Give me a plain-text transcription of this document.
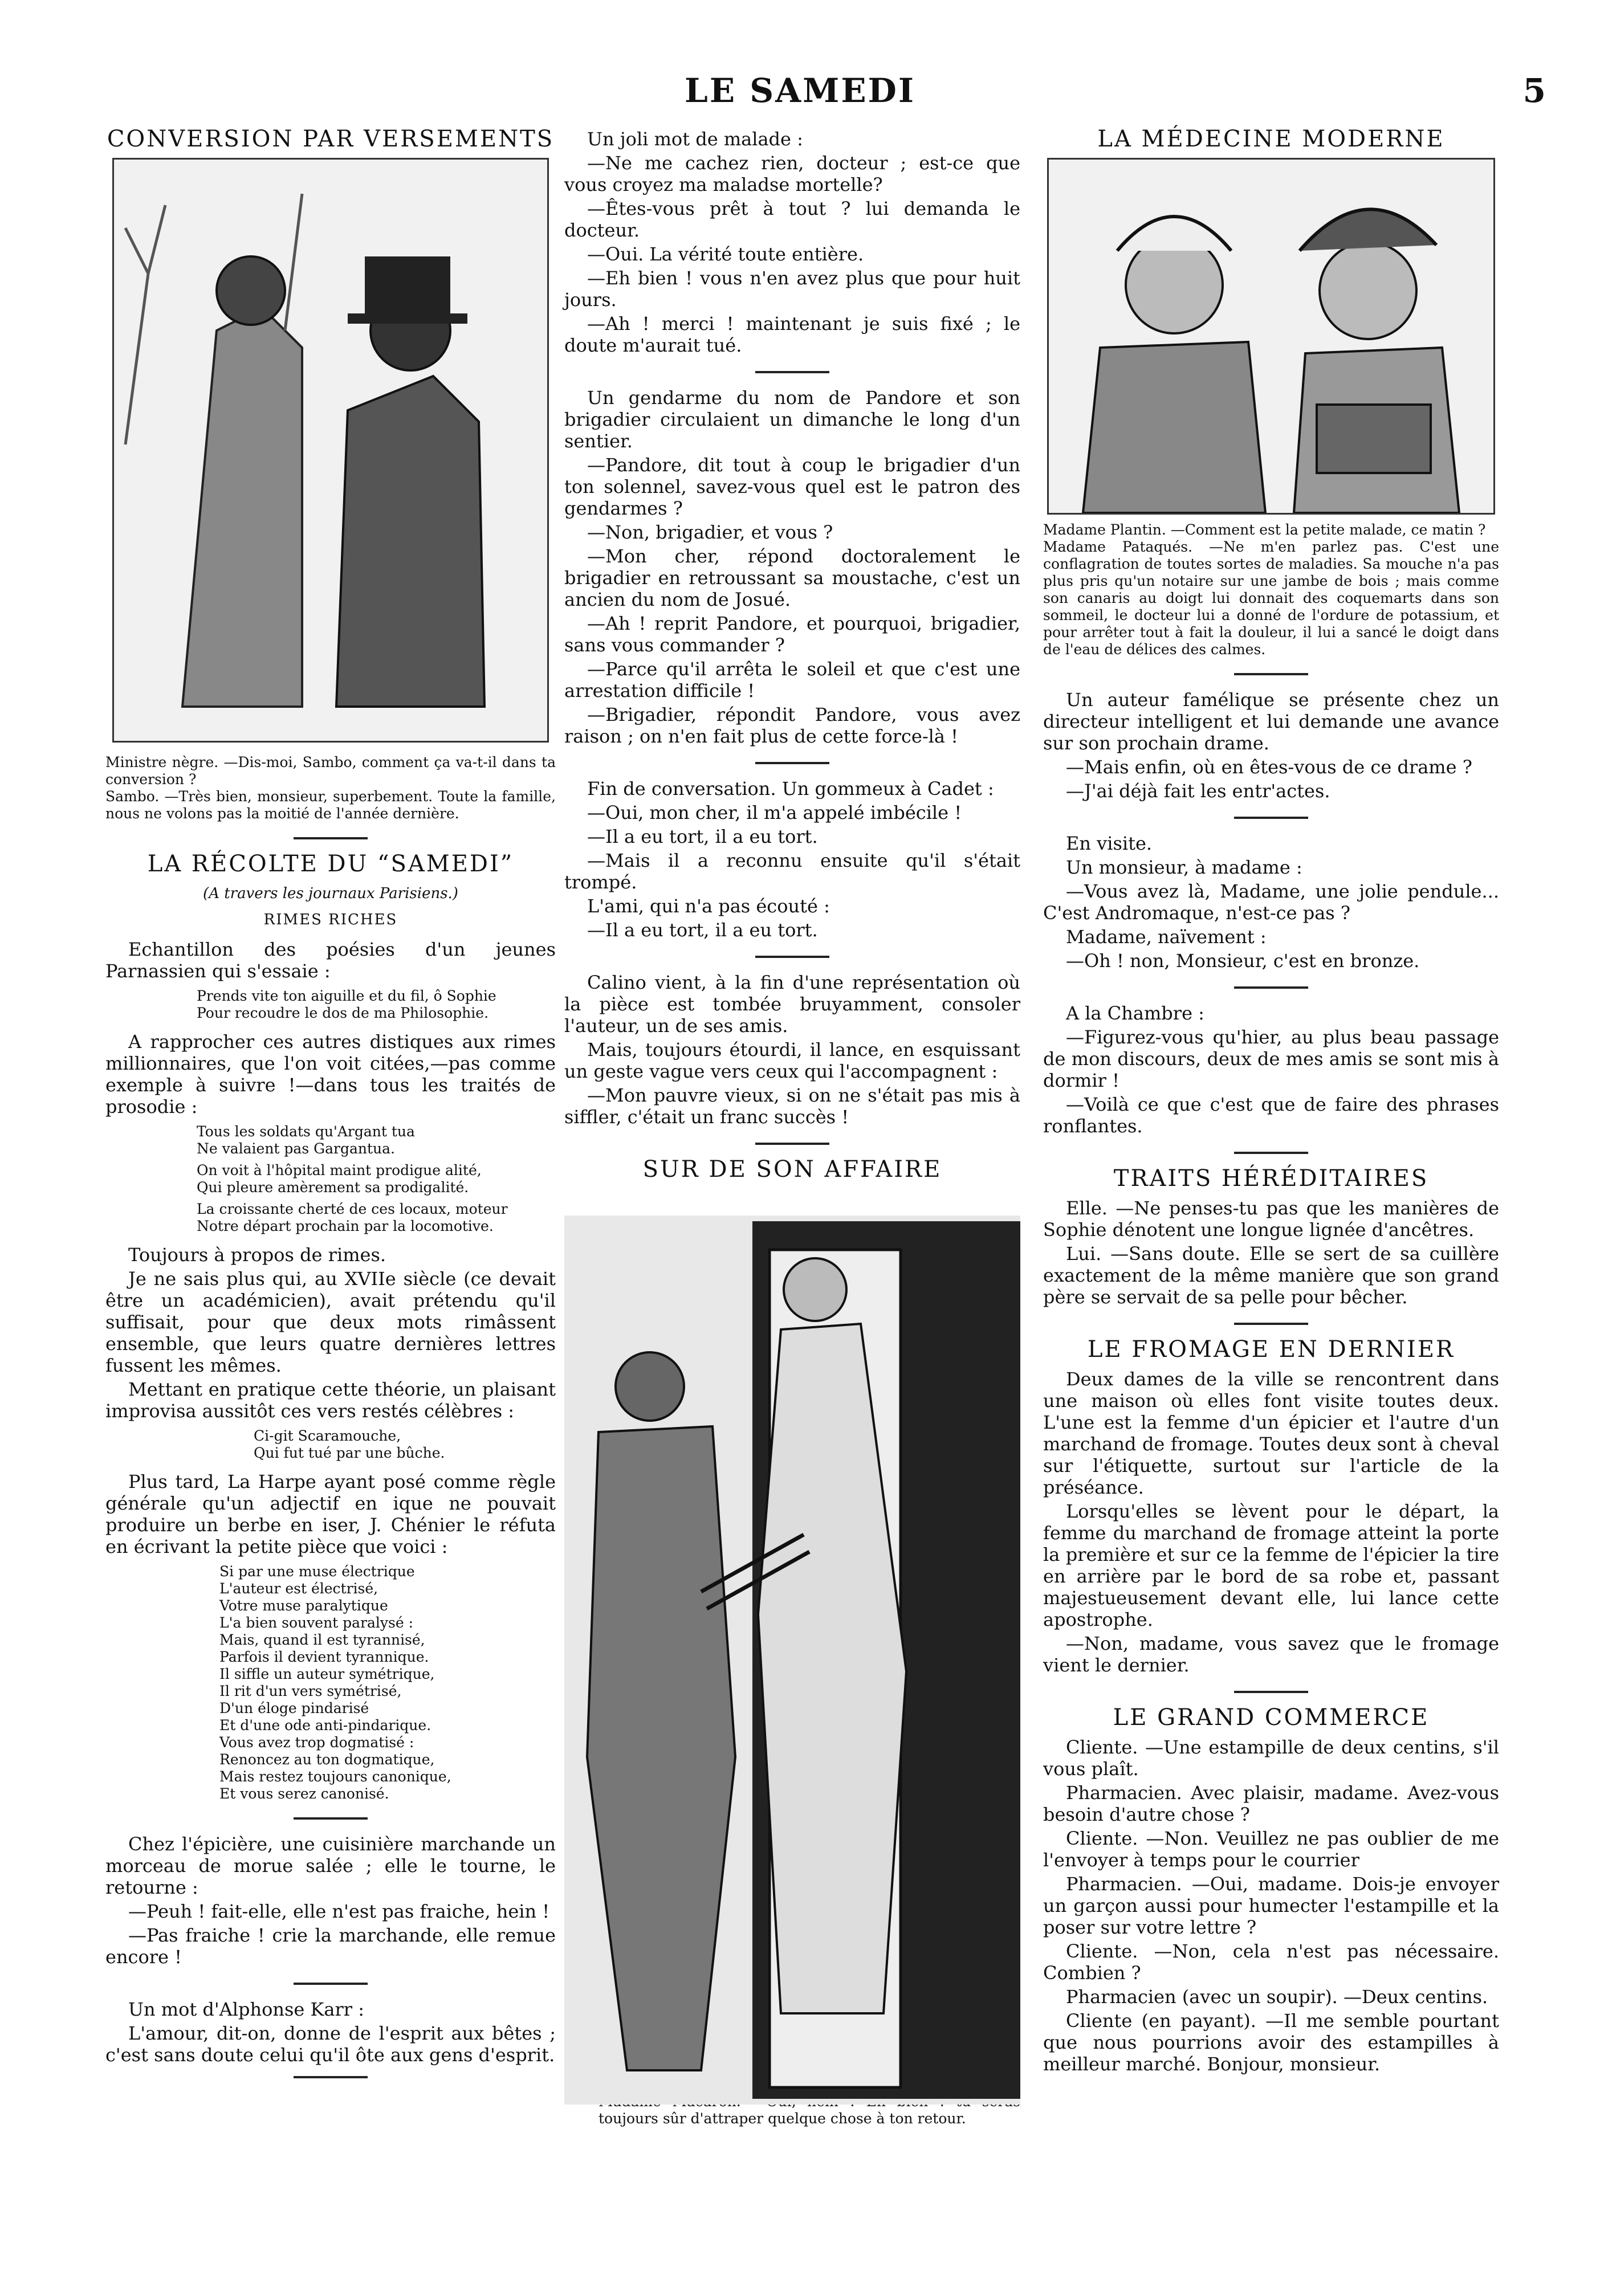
LE SAMEDI	5
CONVERSION PAR VERSEMENTS
Ministre nègre. —Dis-moi, Sambo, comment ça va-t-il dans ta conversion ?
Sambo. —Très bien, monsieur, superbement. Toute la famille, nous ne volons pas la moitié de l'année dernière.
LA RÉCOLTE DU “SAMEDI”
(A travers les journaux Parisiens.)
RIMES RICHES

Echantillon des poésies d'un jeunes Parnassien qui s'essaie :

Prends vite ton aiguille et du fil, ô Sophie
Pour recoudre le dos de ma Philosophie.

A rapprocher ces autres distiques aux rimes millionnaires, que l'on voit citées,—pas comme exemple à suivre !—dans tous les traités de prosodie :

Tous les soldats qu'Argant tua
Ne valaient pas Gargantua.
On voit à l'hôpital maint prodigue alité,
Qui pleure amèrement sa prodigalité.
La croissante cherté de ces locaux, moteur
Notre départ prochain par la locomotive.

Toujours à propos de rimes.

Je ne sais plus qui, au XVIIe siècle (ce devait être un académicien), avait prétendu qu'il suffisait, pour que deux mots rimâssent ensemble, que leurs quatre dernières lettres fussent les mêmes.

Mettant en pratique cette théorie, un plaisant improvisa aussitôt ces vers restés célèbres :

Ci-git Scaramouche,
Qui fut tué par une bûche.

Plus tard, La Harpe ayant posé comme règle générale qu'un adjectif en ique ne pouvait produire un berbe en iser, J. Chénier le réfuta en écrivant la petite pièce que voici :

Si par une muse électrique
L'auteur est électrisé,
Votre muse paralytique
L'a bien souvent paralysé :
Mais, quand il est tyrannisé,
Parfois il devient tyrannique.
Il siffle un auteur symétrique,
Il rit d'un vers symétrisé,
D'un éloge pindarisé
Et d'une ode anti-pindarique.
Vous avez trop dogmatisé :
Renoncez au ton dogmatique,
Mais restez toujours canonique,
Et vous serez canonisé.

Chez l'épicière, une cuisinière marchande un morceau de morue salée ; elle le tourne, le retourne :

—Peuh ! fait-elle, elle n'est pas fraiche, hein !

—Pas fraiche ! crie la marchande, elle remue encore !

Un mot d'Alphonse Karr :

L'amour, dit-on, donne de l'esprit aux bêtes ; c'est sans doute celui qu'il ôte aux gens d'esprit.

Un joli mot de malade :

—Ne me cachez rien, docteur ; est-ce que vous croyez ma maladse mortelle?

—Êtes-vous prêt à tout ? lui demanda le docteur.

—Oui. La vérité toute entière.

—Eh bien ! vous n'en avez plus que pour huit jours.

—Ah ! merci ! maintenant je suis fixé ; le doute m'aurait tué.

Un gendarme du nom de Pandore et son brigadier circulaient un dimanche le long d'un sentier.

—Pandore, dit tout à coup le brigadier d'un ton solennel, savez-vous quel est le patron des gendarmes ?

—Non, brigadier, et vous ?

—Mon cher, répond doctoralement le brigadier en retroussant sa moustache, c'est un ancien du nom de Josué.

—Ah ! reprit Pandore, et pourquoi, brigadier, sans vous commander ?

—Parce qu'il arrêta le soleil et que c'est une arrestation difficile !

—Brigadier, répondit Pandore, vous avez raison ; on n'en fait plus de cette force-là !

Fin de conversation. Un gommeux à Cadet :

—Oui, mon cher, il m'a appelé imbécile !

—Il a eu tort, il a eu tort.

—Mais il a reconnu ensuite qu'il s'était trompé.

L'ami, qui n'a pas écouté :

—Il a eu tort, il a eu tort.

Calino vient, à la fin d'une représentation où la pièce est tombée bruyamment, consoler l'auteur, un de ses amis.

Mais, toujours étourdi, il lance, en esquissant un geste vague vers ceux qui l'accompagnent :

—Mon pauvre vieux, si on ne s'était pas mis à siffler, c'était un franc succès !

SUR DE SON AFFAIRE
toujours sûr d'attraper quelque chose à ton retour.
LA MÉDECINE MODERNE
Madame Plantin. —Comment est la petite malade, ce matin ?
Madame Pataqués. —Ne m'en parlez pas. C'est une conflagration de toutes sortes de maladies. Sa mouche n'a pas plus pris qu'un notaire sur une jambe de bois ; mais comme son canaris au doigt lui donnait des coquemarts dans son sommeil, le docteur lui a donné de l'ordure de potassium, et pour arrêter tout à fait la douleur, il lui a sancé le doigt dans de l'eau de délices des calmes.

Un auteur famélique se présente chez un directeur intelligent et lui demande une avance sur son prochain drame.

—Mais enfin, où en êtes-vous de ce drame ?

—J'ai déjà fait les entr'actes.

En visite.

Un monsieur, à madame :

—Vous avez là, Madame, une jolie pendule... C'est Andromaque, n'est-ce pas ?

Madame, naïvement :

—Oh ! non, Monsieur, c'est en bronze.

A la Chambre :

—Figurez-vous qu'hier, au plus beau passage de mon discours, deux de mes amis se sont mis à dormir !

—Voilà ce que c'est que de faire des phrases ronflantes.

TRAITS HÉRÉDITAIRES

Elle. —Ne penses-tu pas que les manières de Sophie dénotent une longue lignée d'ancêtres.

Lui. —Sans doute. Elle se sert de sa cuillère exactement de la même manière que son grand père se servait de sa pelle pour bêcher.

LE FROMAGE EN DERNIER

Deux dames de la ville se rencontrent dans une maison où elles font visite toutes deux. L'une est la femme d'un épicier et l'autre d'un marchand de fromage. Toutes deux sont à cheval sur l'étiquette, surtout sur l'article de la préséance.

Lorsqu'elles se lèvent pour le départ, la femme du marchand de fromage atteint la porte la première et sur ce la femme de l'épicier la tire en arrière par le bord de sa robe et, passant majestueusement devant elle, lui lance cette apostrophe.

—Non, madame, vous savez que le fromage vient le dernier.

LE GRAND COMMERCE

Cliente. —Une estampille de deux centins, s'il vous plaît.

Pharmacien. Avec plaisir, madame. Avez-vous besoin d'autre chose ?

Cliente. —Non. Veuillez ne pas oublier de me l'envoyer à temps pour le courrier

Pharmacien. —Oui, madame. Dois-je envoyer un garçon aussi pour humecter l'estampille et la poser sur votre lettre ?

Cliente. —Non, cela n'est pas nécessaire. Combien ?

Pharmacien (avec un soupir). —Deux centins.

Cliente (en payant). —Il me semble pourtant que nous pourrions avoir des estampilles à meilleur marché. Bonjour, monsieur.
